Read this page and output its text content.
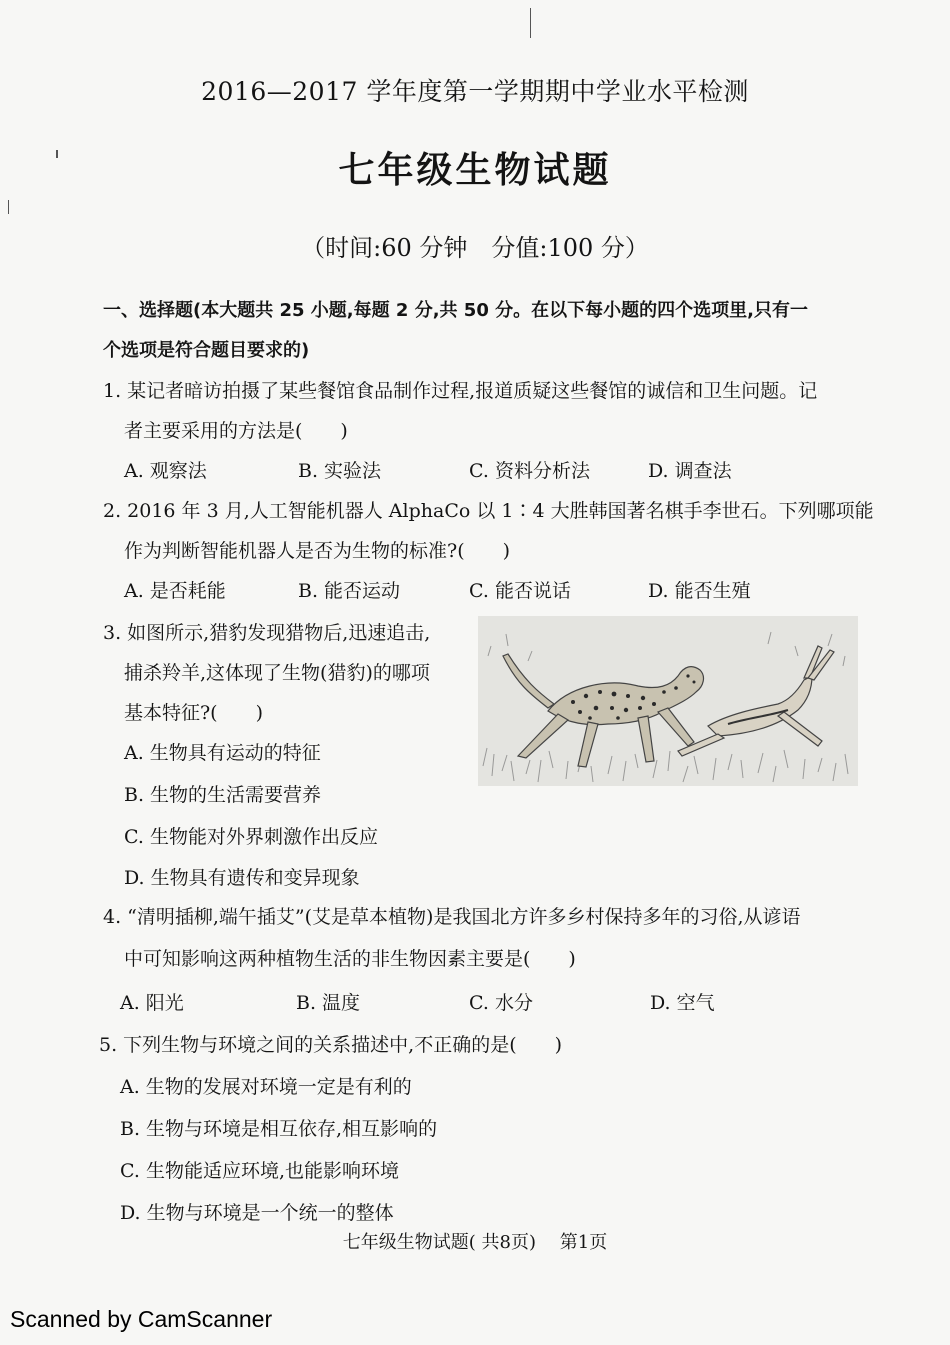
2016—2017 学年度第一学期期中学业水平检测
七年级生物试题
（时间:60 分钟　分值:100 分）
一、选择题(本大题共 25 小题,每题 2 分,共 50 分。在以下每小题的四个选项里,只有一
个选项是符合题目要求的)
1. 某记者暗访拍摄了某些餐馆食品制作过程,报道质疑这些餐馆的诚信和卫生问题。记
者主要采用的方法是(　　)
A. 观察法	B. 实验法	C. 资料分析法	D. 调查法
2. 2016 年 3 月,人工智能机器人 AlphaCo 以 1∶4 大胜韩国著名棋手李世石。下列哪项能
作为判断智能机器人是否为生物的标准?(　　)
A. 是否耗能	B. 能否运动	C. 能否说话	D. 能否生殖
3. 如图所示,猎豹发现猎物后,迅速追击,
捕杀羚羊,这体现了生物(猎豹)的哪项
基本特征?(　　)
A. 生物具有运动的特征
B. 生物的生活需要营养
C. 生物能对外界刺激作出反应
D. 生物具有遗传和变异现象
4. “清明插柳,端午插艾”(艾是草本植物)是我国北方许多乡村保持多年的习俗,从谚语
中可知影响这两种植物生活的非生物因素主要是(　　)
A. 阳光	B. 温度	C. 水分	D. 空气
5. 下列生物与环境之间的关系描述中,不正确的是(　　)
A. 生物的发展对环境一定是有利的
B. 生物与环境是相互依存,相互影响的
C. 生物能适应环境,也能影响环境
D. 生物与环境是一个统一的整体
七年级生物试题( 共8页)　 第1页
Scanned by CamScanner
